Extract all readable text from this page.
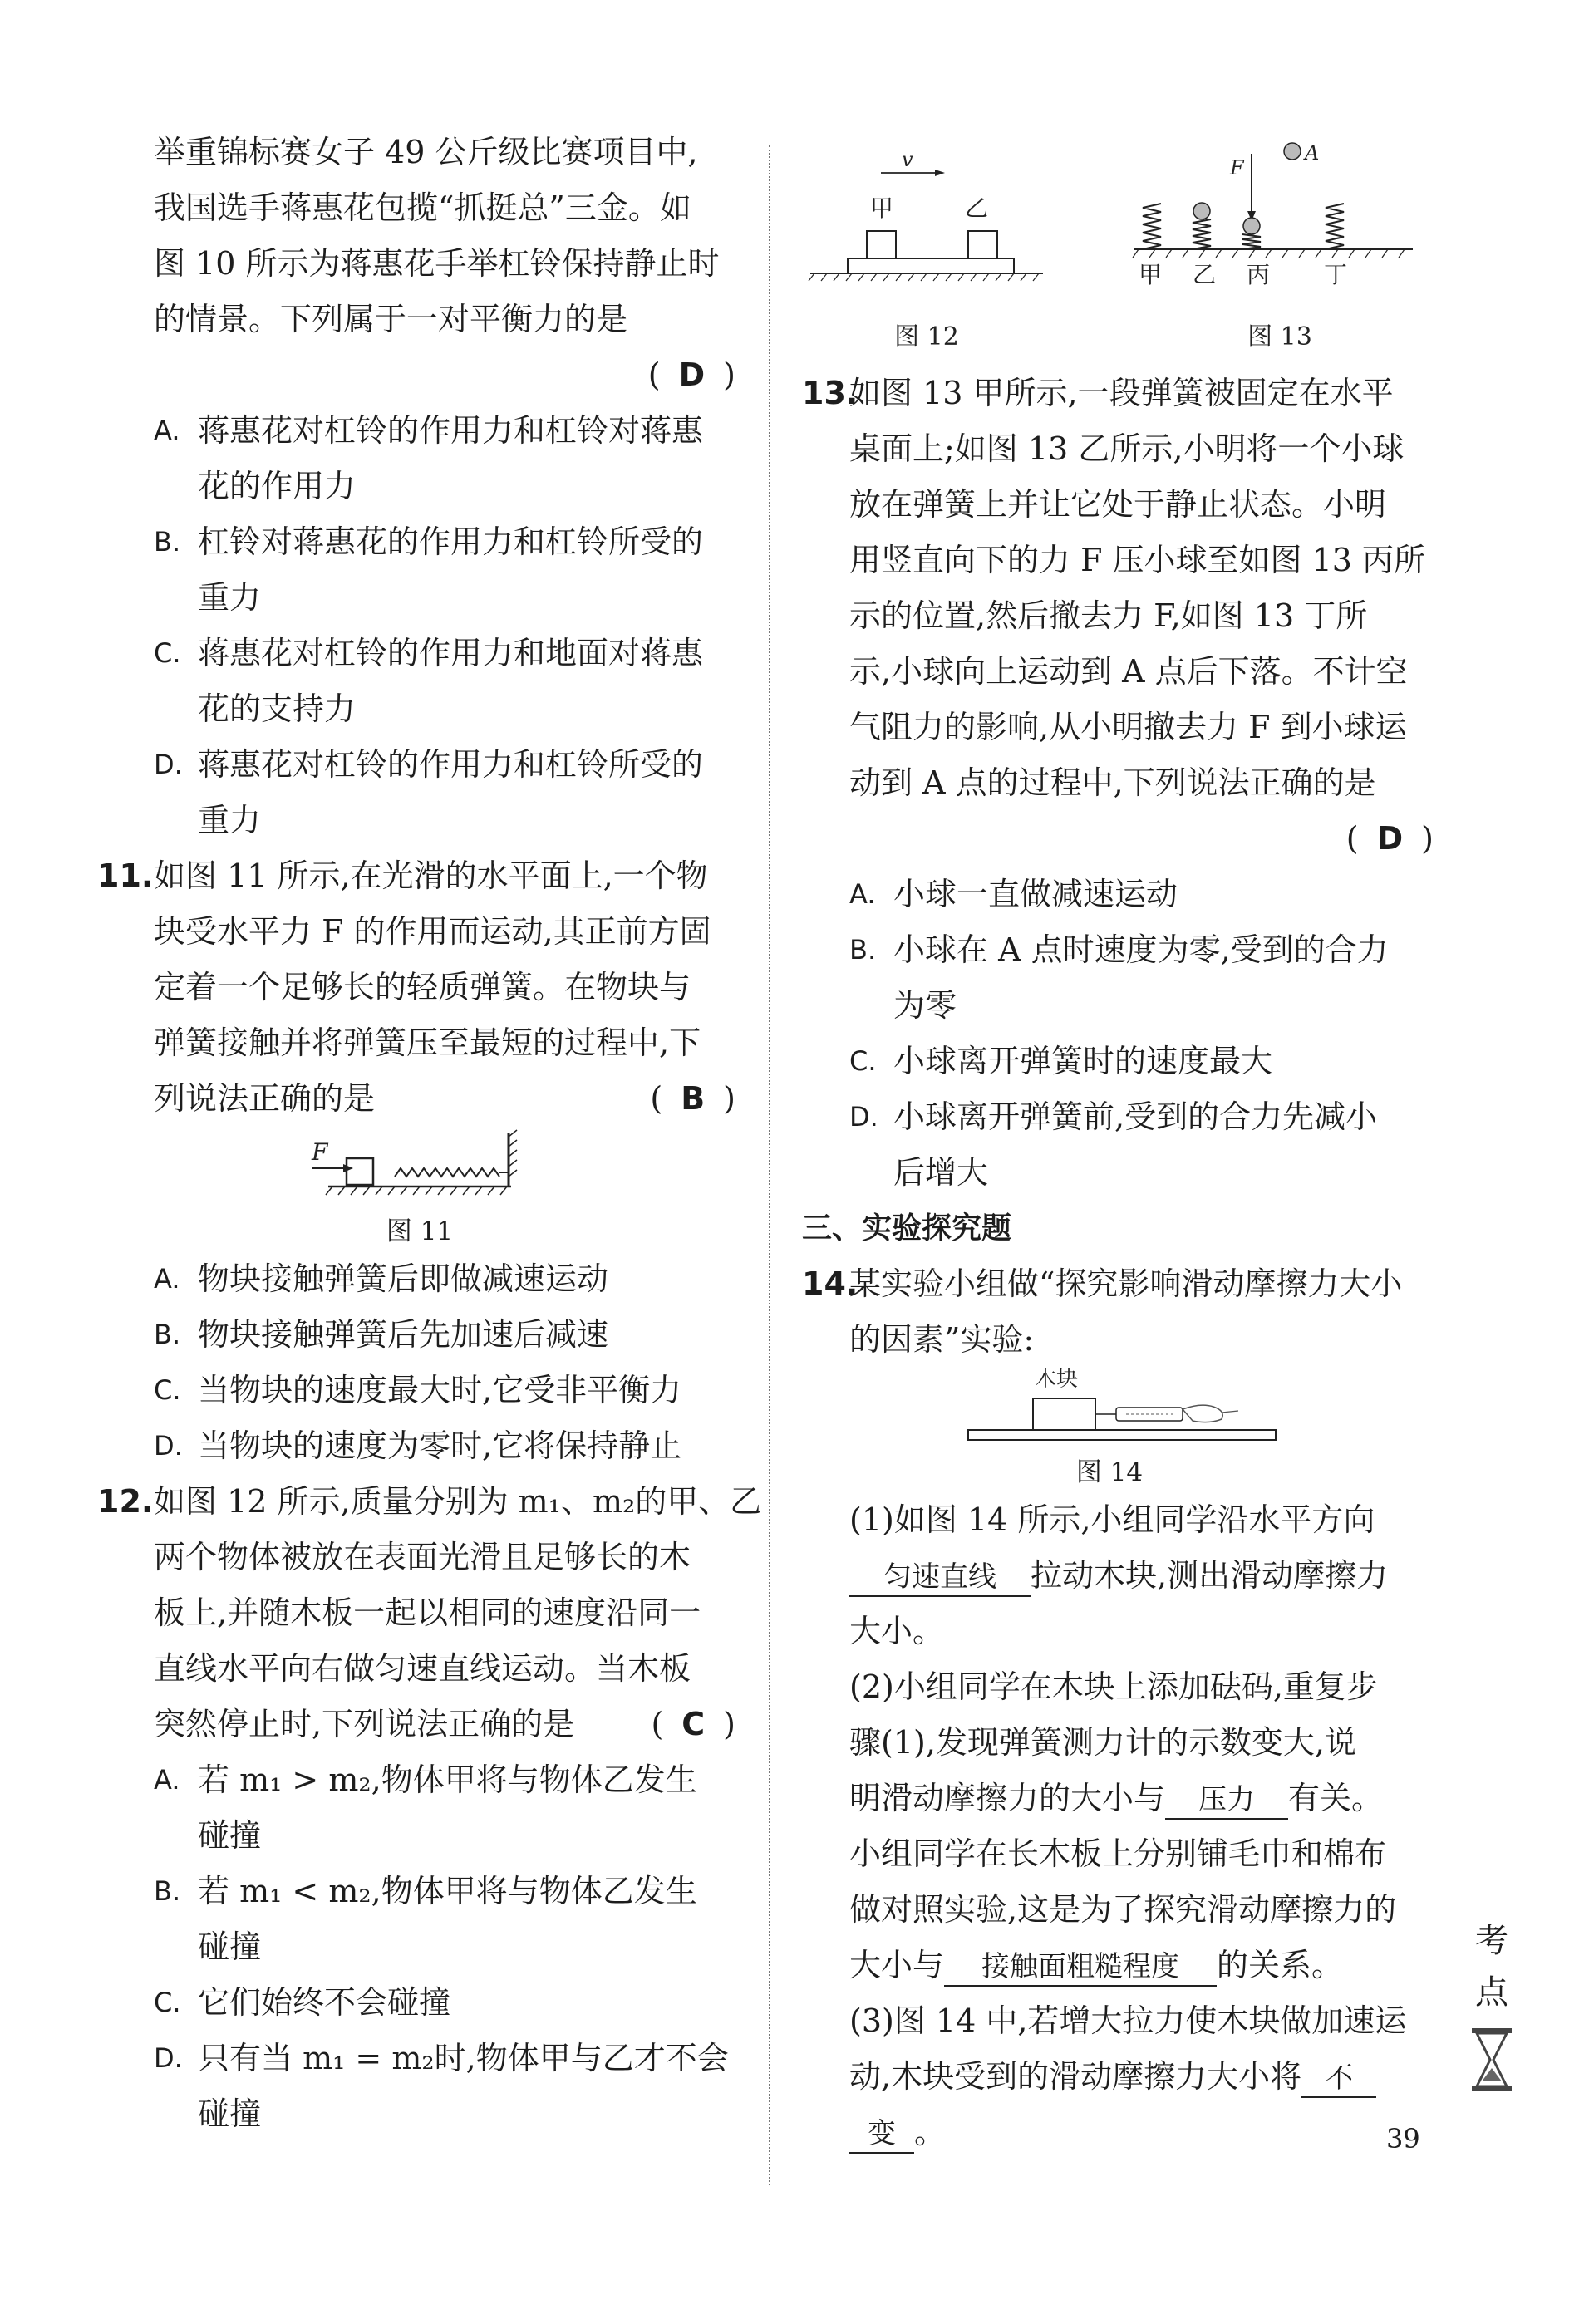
举重锦标赛女子 49 公斤级比赛项目中,
我国选手蒋惠花包揽“抓挺总”三金。如
图 10 所示为蒋惠花手举杠铃保持静止时
的情景。下列属于一对平衡力的是

( D )
A. 蒋惠花对杠铃的作用力和杠铃对蒋惠
花的作用力
B. 杠铃对蒋惠花的作用力和杠铃所受的
重力
C. 蒋惠花对杠铃的作用力和地面对蒋惠
花的支持力
D. 蒋惠花对杠铃的作用力和杠铃所受的
重力
11. 如图 11 所示,在光滑的水平面上,一个物
块受水平力 F 的作用而运动,其正前方固
定着一个足够长的轻质弹簧。在物块与
弹簧接触并将弹簧压至最短的过程中,下
列说法正确的是	( B )
F
图 11
A. 物块接触弹簧后即做减速运动
B. 物块接触弹簧后先加速后减速
C. 当物块的速度最大时,它受非平衡力
D. 当物块的速度为零时,它将保持静止
12. 如图 12 所示,质量分别为 m₁、m₂的甲、乙
两个物体被放在表面光滑且足够长的木
板上,并随木板一起以相同的速度沿同一
直线水平向右做匀速直线运动。当木板
突然停止时,下列说法正确的是 ( C )
A. 若 m₁ > m₂,物体甲将与物体乙发生
碰撞
B. 若 m₁ < m₂,物体甲将与物体乙发生
碰撞
C. 它们始终不会碰撞
D. 只有当 m₁ = m₂时,物体甲与乙才不会
碰撞
v
甲	乙
图 12
F
A
甲 乙 丙 丁
图 13
13.
如图 13 甲所示,一段弹簧被固定在水平
桌面上;如图 13 乙所示,小明将一个小球
放在弹簧上并让它处于静止状态。小明
用竖直向下的力 F 压小球至如图 13 丙所
示的位置,然后撤去力 F,如图 13 丁所
示,小球向上运动到 A 点后下落。不计空
气阻力的影响,从小明撤去力 F 到小球运
动到 A 点的过程中,下列说法正确的是

( D )
A. 小球一直做减速运动
B. 小球在 A 点时速度为零,受到的合力
为零
C. 小球离开弹簧时的速度最大
D. 小球离开弹簧前,受到的合力先减小
后增大
三、实验探究题
14.
某实验小组做“探究影响滑动摩擦力大小
的因素”实验:
木块
图 14
(1)如图 14 所示,小组同学沿水平方向
匀速直线 拉动木块,测出滑动摩擦力
大小。
(2)小组同学在木块上添加砝码,重复步
骤(1),发现弹簧测力计的示数变大,说
明滑动摩擦力的大小与 压力 有关。
小组同学在长木板上分别铺毛巾和棉布
做对照实验,这是为了探究滑动摩擦力的
大小与 接触面粗糙程度 的关系。
(3)图 14 中,若增大拉力使木块做加速运
动,木块受到的滑动摩擦力大小将 不
变 。
考
点
39
